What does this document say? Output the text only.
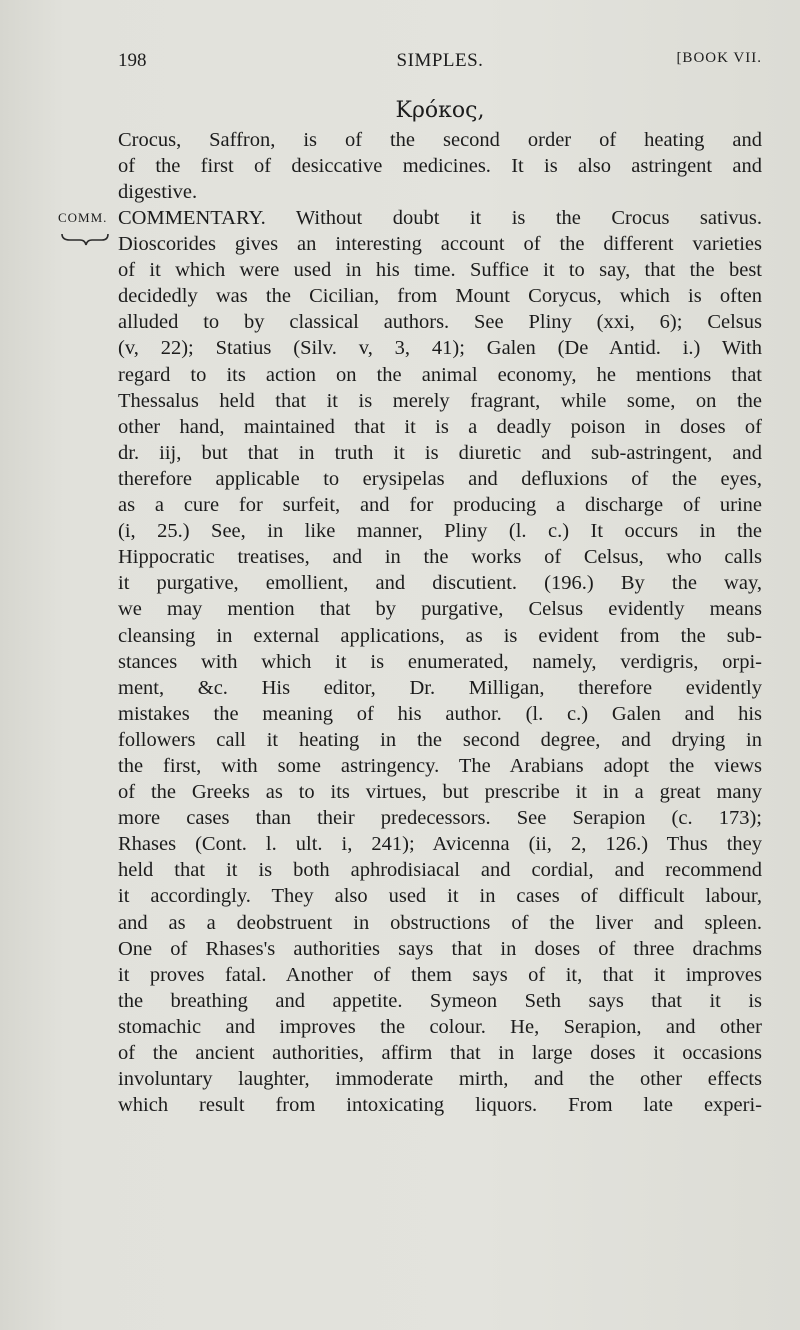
198	SIMPLES.	[BOOK VII.
Κρόκος,
Crocus, Saffron, is of the second order of heating and
of the first of desiccative medicines. It is also astringent and
digestive.
COMM. COMMENTARY. Without doubt it is the Crocus sativus.
Dioscorides gives an interesting account of the different varieties
of it which were used in his time. Suffice it to say, that the best
decidedly was the Cicilian, from Mount Corycus, which is often
alluded to by classical authors. See Pliny (xxi, 6); Celsus
(v, 22); Statius (Silv. v, 3, 41); Galen (De Antid. i.) With
regard to its action on the animal economy, he mentions that
Thessalus held that it is merely fragrant, while some, on the
other hand, maintained that it is a deadly poison in doses of
dr. iij, but that in truth it is diuretic and sub-astringent, and
therefore applicable to erysipelas and defluxions of the eyes,
as a cure for surfeit, and for producing a discharge of urine
(i, 25.) See, in like manner, Pliny (l. c.) It occurs in the
Hippocratic treatises, and in the works of Celsus, who calls
it purgative, emollient, and discutient. (196.) By the way,
we may mention that by purgative, Celsus evidently means
cleansing in external applications, as is evident from the sub-
stances with which it is enumerated, namely, verdigris, orpi-
ment, &c. His editor, Dr. Milligan, therefore evidently
mistakes the meaning of his author. (l. c.) Galen and his
followers call it heating in the second degree, and drying in
the first, with some astringency. The Arabians adopt the views
of the Greeks as to its virtues, but prescribe it in a great many
more cases than their predecessors. See Serapion (c. 173);
Rhases (Cont. l. ult. i, 241); Avicenna (ii, 2, 126.) Thus they
held that it is both aphrodisiacal and cordial, and recommend
it accordingly. They also used it in cases of difficult labour,
and as a deobstruent in obstructions of the liver and spleen.
One of Rhases's authorities says that in doses of three drachms
it proves fatal. Another of them says of it, that it improves
the breathing and appetite. Symeon Seth says that it is
stomachic and improves the colour. He, Serapion, and other
of the ancient authorities, affirm that in large doses it occasions
involuntary laughter, immoderate mirth, and the other effects
which result from intoxicating liquors. From late experi-
